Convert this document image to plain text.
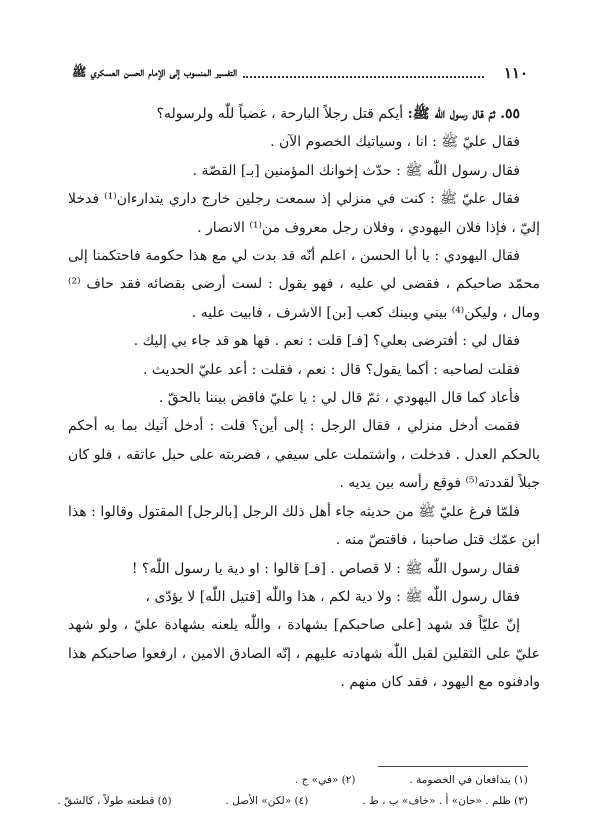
١١٠
التفسير المنسوب إلى الإمام الحسن العسكري ﷺ

٥٥. ثمّ قال رسول اللّٰه ﷺ: أيكم قتل رجلاً البارحة ، غضباً للّٰه ولرسوله؟

فقال عليّ ﷺ : انا ، وسياتيك الخصوم الآن .

فقال رسول اللّٰه ﷺ : حدّث إخوانك المؤمنين [بـ] القصّة .

فقال عليّ ﷺ : كنت في منزلي إذ سمعت رجلين خارج داري يتدارءان⁽¹⁾ فدخلا إليّ ، فإذا فلان اليهودي ، وفلان رجل معروف من⁽¹⁾ الانصار .

فقال اليهودي : يا أبا الحسن ، اعلم أنّه قد بدت لي مع هذا حكومة فاحتكمنا إلى محمّد صاحبكم ، فقضى لي عليه ، فهو يقول : لست أرضى بقضائه فقد حاف ⁽²⁾ ومال ، وليكن⁽⁴⁾ بيني وبينك كعب [بن] الاشرف ، فابيت عليه .

فقال لي : أفترضى بعلي؟ [فـ] قلت : نعم . فها هو قد جاء بي إليك .

فقلت لصاحبه : أكما يقول؟ قال : نعم ، فقلت : أعد عليّ الحديث .

فأعاد كما قال اليهودي ، ثمّ قال لي : يا عليّ فاقض بيننا بالحقّ .

فقمت أدخل منزلي ، فقال الرجل : إلى أين؟ قلت : أدخل آتيك بما به أحكم بالحكم العدل . فدخلت ، واشتملت على سيفي ، فضربته على حبل عاتقه ، فلو كان جبلاً لقددته⁽⁵⁾ فوقع رأسه بين يديه .

فلمّا فرغ عليّ ﷺ من حديثه جاء أهل ذلك الرجل [بالرجل] المقتول وقالوا : هذا ابن عمّك قتل صاحبنا ، فاقتصّ منه .

فقال رسول اللّٰه ﷺ : لا قصاص . [فـ] قالوا : او دية يا رسول اللّٰه؟ !

فقال رسول اللّٰه ﷺ : ولا دية لكم ، هذا واللّٰه [قتيل اللّٰه] لا يؤدّى ،

إنّ عليّاً قد شهد [على صاحبكم] بشهادة ، واللّٰه يلعنه بشهادة عليّ ، ولو شهد عليّ على الثقلين لقبل اللّٰه شهادته عليهم ، إنّه الصادق الامين ، ارفعوا صاحبكم هذا وادفنوه مع اليهود ، فقد كان منهم .

(١) يتدافعان في الخصومة .
(٢) «في» ج .
(٣) ظلم . «حان» أ . «خاف» ب ، ط .
(٤) «لكن» الأصل .
(٥) قطعته طولاً ، كالشقّ .
